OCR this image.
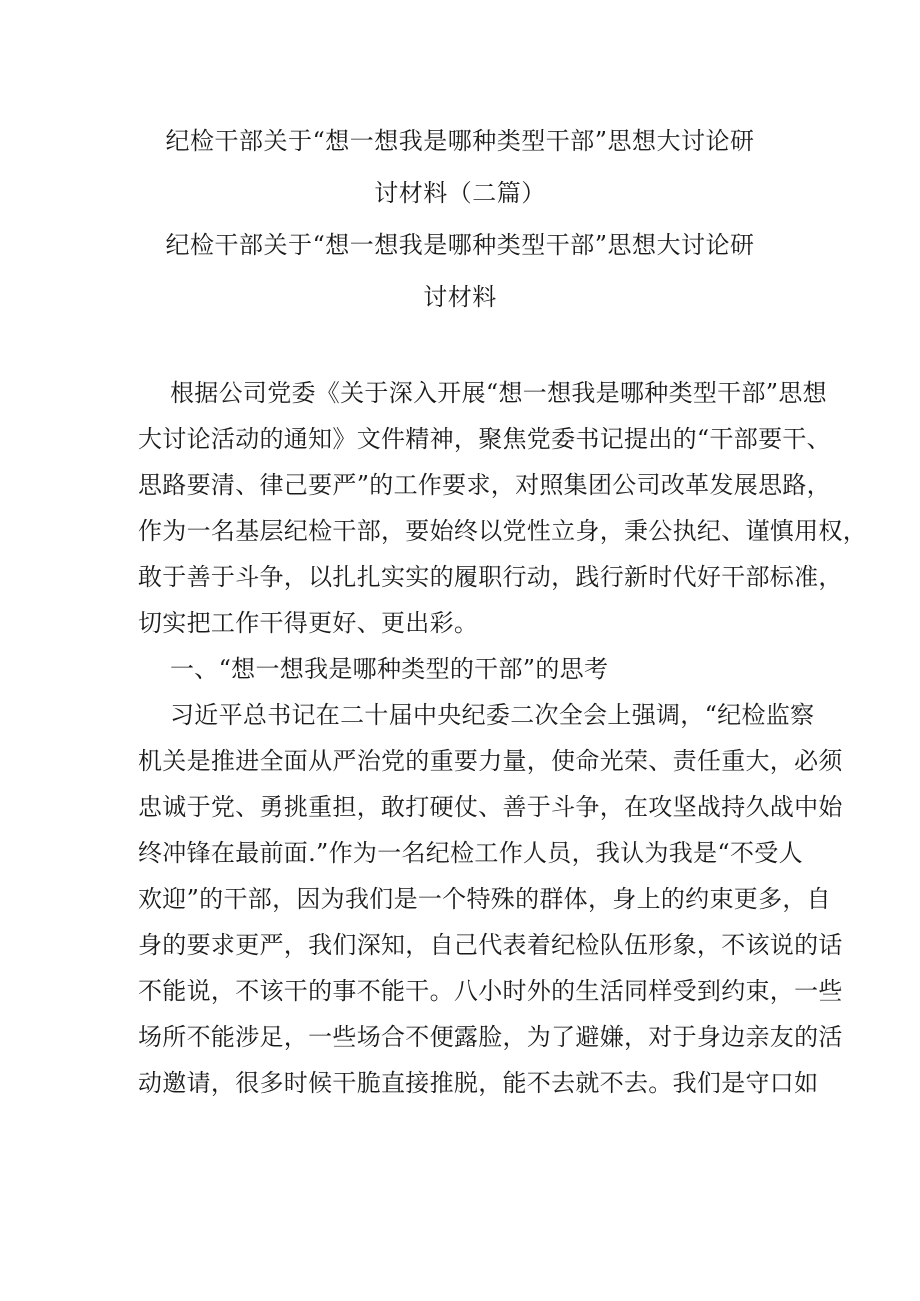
纪检干部关于“想一想我是哪种类型干部”思想大讨论研
讨材料（二篇）
纪检干部关于“想一想我是哪种类型干部”思想大讨论研
讨材料
根据公司党委《关于深入开展“想一想我是哪种类型干部”思想
大讨论活动的通知》文件精神，聚焦党委书记提出的“干部要干、
思路要清、律己要严”的工作要求，对照集团公司改革发展思路，
作为一名基层纪检干部，要始终以党性立身，秉公执纪、谨慎用权，
敢于善于斗争，以扎扎实实的履职行动，践行新时代好干部标准，
切实把工作干得更好、更出彩。
一、“想一想我是哪种类型的干部”的思考
习近平总书记在二十届中央纪委二次全会上强调，“纪检监察
机关是推进全面从严治党的重要力量，使命光荣、责任重大，必须
忠诚于党、勇挑重担，敢打硬仗、善于斗争，在攻坚战持久战中始
终冲锋在最前面.”作为一名纪检工作人员，我认为我是“不受人
欢迎”的干部，因为我们是一个特殊的群体，身上的约束更多，自
身的要求更严，我们深知，自己代表着纪检队伍形象，不该说的话
不能说，不该干的事不能干。八小时外的生活同样受到约束，一些
场所不能涉足，一些场合不便露脸，为了避嫌，对于身边亲友的活
动邀请，很多时候干脆直接推脱，能不去就不去。我们是守口如
